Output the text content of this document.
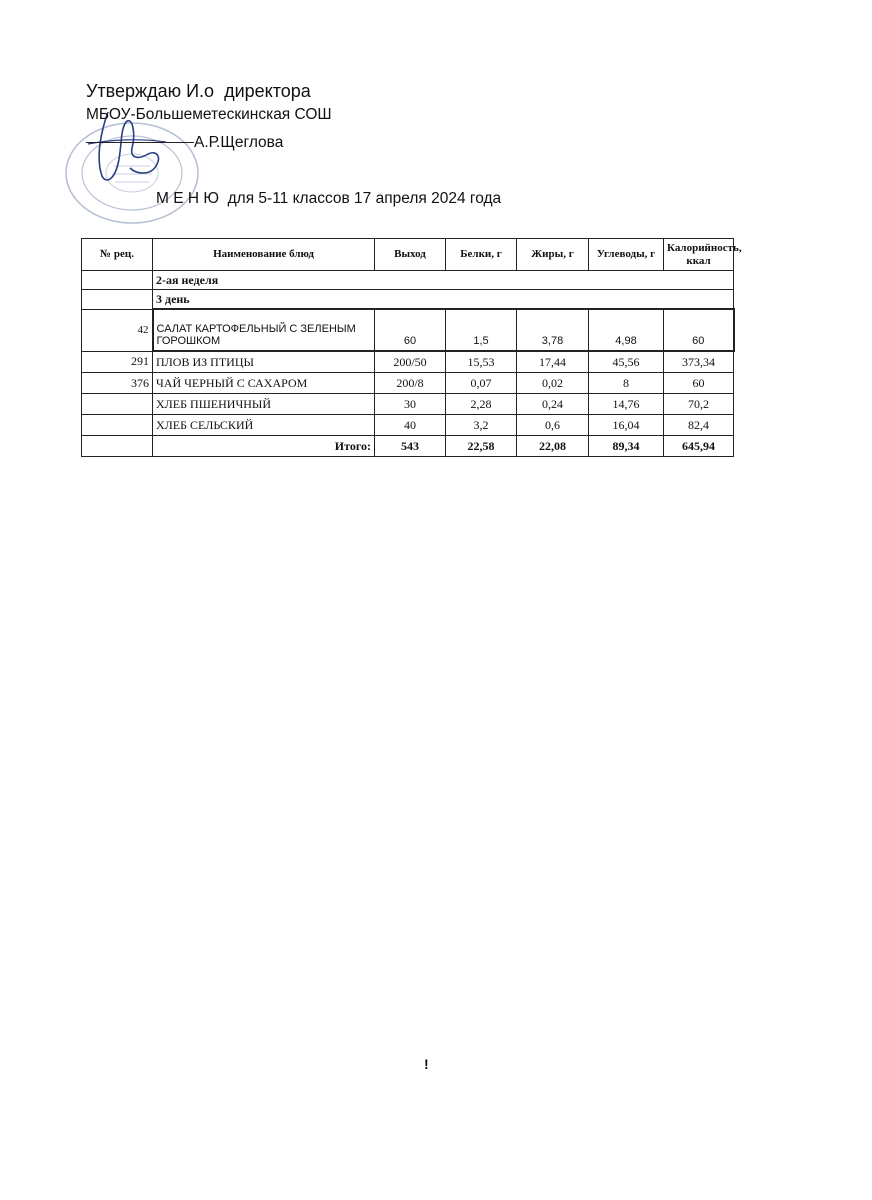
Утверждаю И.о  директора
МБОУ-Большеметескинская СОШ
А.Р.Щеглова
М Е Н Ю  для 5-11 классов 17 апреля 2024 года
№ рец.	Наименование блюд	Выход	Белки, г	Жиры, г	Углеводы, г	Калорийность, ккал
	2-ая неделя					
	3 день					
42	САЛАТ КАРТОФЕЛЬНЫЙ С ЗЕЛЕНЫМ ГОРОШКОМ	60	1,5	3,78	4,98	60
291	ПЛОВ ИЗ ПТИЦЫ	200/50	15,53	17,44	45,56	373,34
376	ЧАЙ ЧЕРНЫЙ С САХАРОМ	200/8	0,07	0,02	8	60
	ХЛЕБ ПШЕНИЧНЫЙ	30	2,28	0,24	14,76	70,2
	ХЛЕБ СЕЛЬСКИЙ	40	3,2	0,6	16,04	82,4
	Итого:	543	22,58	22,08	89,34	645,94
!
